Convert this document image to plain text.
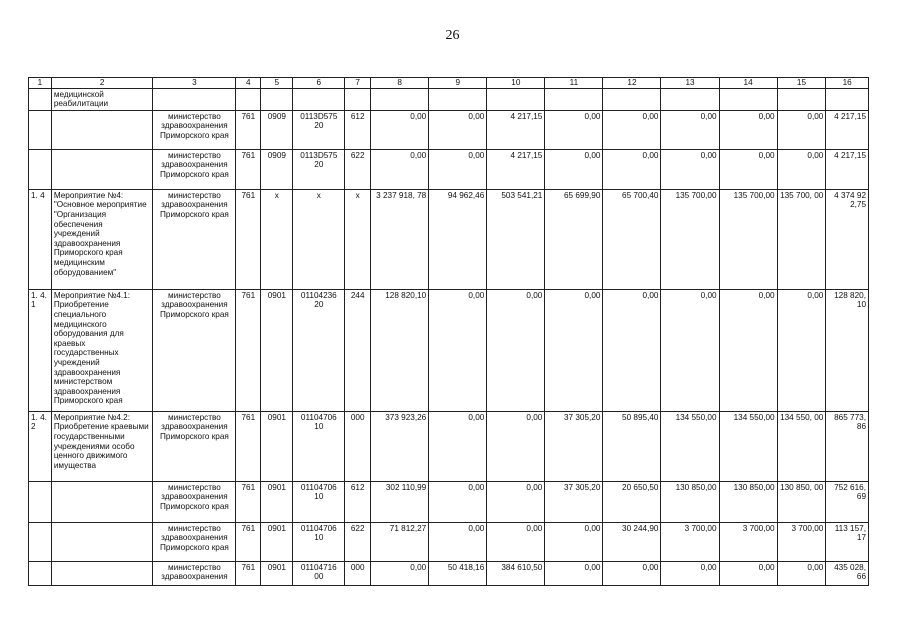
26
1	2	3	4	5	6	7	8	9	10	11	12	13	14	15	16
	медицинской реабилитации														
		министерство здравоохранения Приморского края	761	0909	0113D575 20	612	0,00	0,00	4 217,15	0,00	0,00	0,00	0,00	0,00	4 217,15
		министерство здравоохранения Приморского края	761	0909	0113D575 20	622	0,00	0,00	4 217,15	0,00	0,00	0,00	0,00	0,00	4 217,15
1. 4	Мероприятие №4: "Основное мероприятие "Организация обеспечения учреждений здравоохранения Приморского края медицинским оборудованием"	министерство здравоохранения Приморского края	761	x	x	x	3 237 918, 78	94 962,46	503 541,21	65 699,90	65 700,40	135 700,00	135 700,00	135 700, 00	4 374 92 2,75
1. 4. 1	Мероприятие №4.1: Приобретение специального медицинского оборудования для краевых государственных учреждений здравоохранения министерством здравоохранения Приморского края	министерство здравоохранения Приморского края	761	0901	01104236 20	244	128 820,10	0,00	0,00	0,00	0,00	0,00	0,00	0,00	128 820, 10
1. 4. 2	Мероприятие №4.2: Приобретение краевыми государственными учреждениями особо ценного движимого имущества	министерство здравоохранения Приморского края	761	0901	01104706 10	000	373 923,26	0,00	0,00	37 305,20	50 895,40	134 550,00	134 550,00	134 550, 00	865 773, 86
		министерство здравоохранения Приморского края	761	0901	01104706 10	612	302 110,99	0,00	0,00	37 305,20	20 650,50	130 850,00	130 850,00	130 850, 00	752 616, 69
		министерство здравоохранения Приморского края	761	0901	01104706 10	622	71 812,27	0,00	0,00	0,00	30 244,90	3 700,00	3 700,00	3 700,00	113 157, 17
		министерство здравоохранения	761	0901	01104716 00	000	0,00	50 418,16	384 610,50	0,00	0,00	0,00	0,00	0,00	435 028, 66
